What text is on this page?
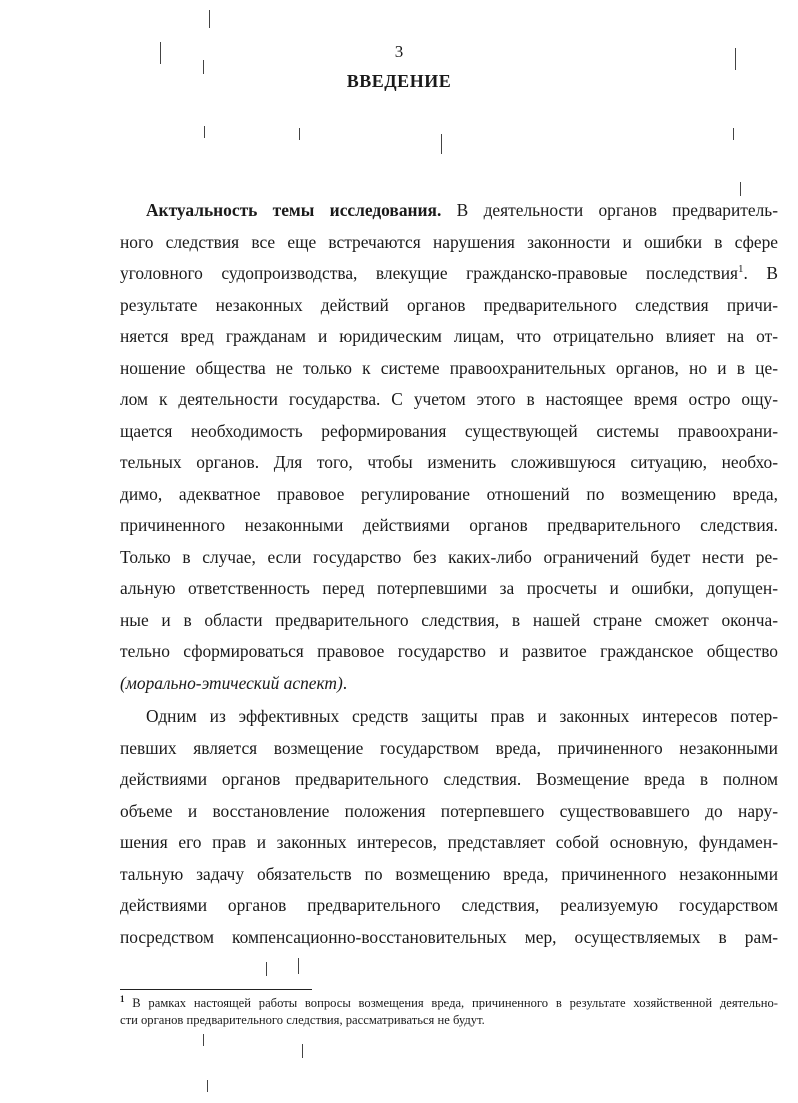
3
ВВЕДЕНИЕ
Актуальность темы исследования. В деятельности органов предваритель-
ного следствия все еще встречаются нарушения законности и ошибки в сфере
уголовного судопроизводства, влекущие гражданско-правовые последствия$^1$. В
результате незаконных действий органов предварительного следствия причи-
няется вред гражданам и юридическим лицам, что отрицательно влияет на от-
ношение общества не только к системе правоохранительных органов, но и в це-
лом к деятельности государства. С учетом этого в настоящее время остро ощу-
щается необходимость реформирования существующей системы правоохрани-
тельных органов. Для того, чтобы изменить сложившуюся ситуацию, необхо-
димо, адекватное правовое регулирование отношений по возмещению вреда,
причиненного незаконными действиями органов предварительного следствия.
Только в случае, если государство без каких-либо ограничений будет нести ре-
альную ответственность перед потерпевшими за просчеты и ошибки, допущен-
ные и в области предварительного следствия, в нашей стране сможет оконча-
тельно сформироваться правовое государство и развитое гражданское общество
(морально-этический аспект).
Одним из эффективных средств защиты прав и законных интересов потер-
певших является возмещение государством вреда, причиненного незаконными
действиями органов предварительного следствия. Возмещение вреда в полном
объеме и восстановление положения потерпевшего существовавшего до нару-
шения его прав и законных интересов, представляет собой основную, фундамен-
тальную задачу обязательств по возмещению вреда, причиненного незаконными
действиями органов предварительного следствия, реализуемую государством
посредством компенсационно-восстановительных мер, осуществляемых в рам-
$^1$ В рамках настоящей работы вопросы возмещения вреда, причиненного в результате хозяйственной деятельно-
сти органов предварительного следствия, рассматриваться не будут.
